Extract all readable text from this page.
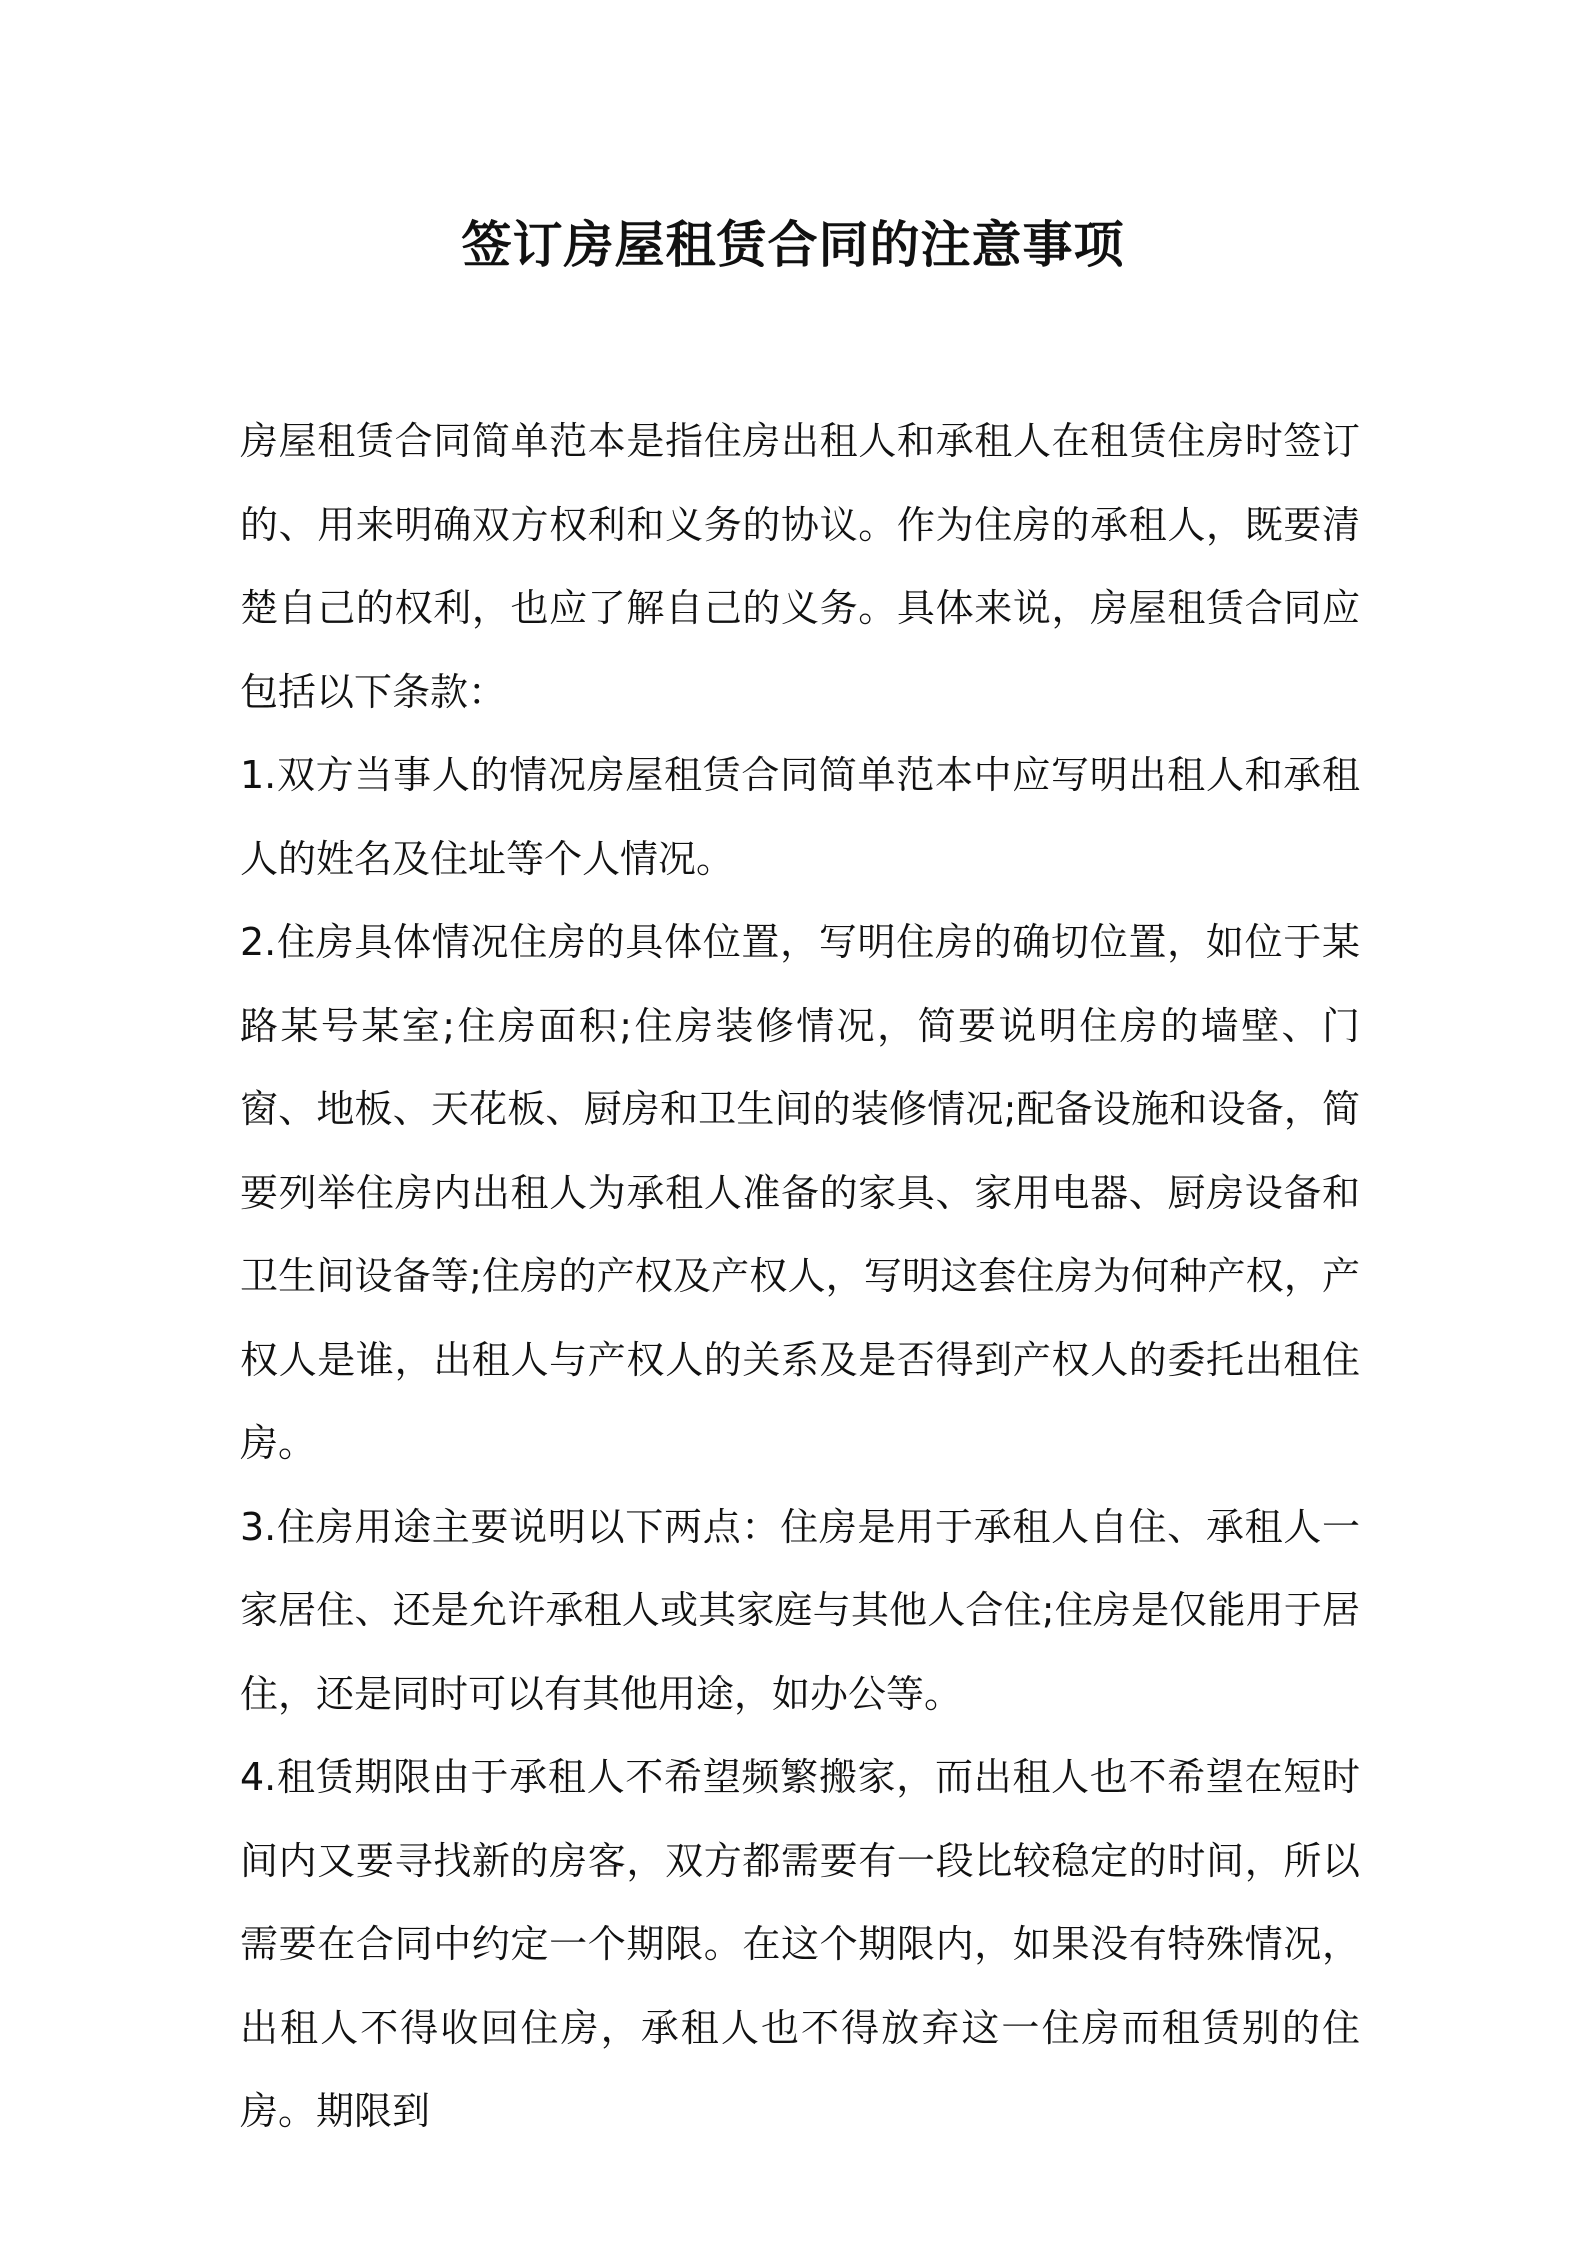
签订房屋租赁合同的注意事项

房屋租赁合同简单范本是指住房出租人和承租人在租赁住房时签订的、用来明确双方权利和义务的协议。作为住房的承租人，既要清楚自己的权利，也应了解自己的义务。具体来说，房屋租赁合同应包括以下条款：

1.双方当事人的情况房屋租赁合同简单范本中应写明出租人和承租人的姓名及住址等个人情况。

2.住房具体情况住房的具体位置，写明住房的确切位置，如位于某路某号某室;住房面积;住房装修情况，简要说明住房的墙壁、门窗、地板、天花板、厨房和卫生间的装修情况;配备设施和设备，简要列举住房内出租人为承租人准备的家具、家用电器、厨房设备和卫生间设备等;住房的产权及产权人，写明这套住房为何种产权，产权人是谁，出租人与产权人的关系及是否得到产权人的委托出租住房。

3.住房用途主要说明以下两点：住房是用于承租人自住、承租人一家居住、还是允许承租人或其家庭与其他人合住;住房是仅能用于居住，还是同时可以有其他用途，如办公等。

4.租赁期限由于承租人不希望频繁搬家，而出租人也不希望在短时间内又要寻找新的房客，双方都需要有一段比较稳定的时间，所以需要在合同中约定一个期限。在这个期限内，如果没有特殊情况，出租人不得收回住房，承租人也不得放弃这一住房而租赁别的住房。期限到
